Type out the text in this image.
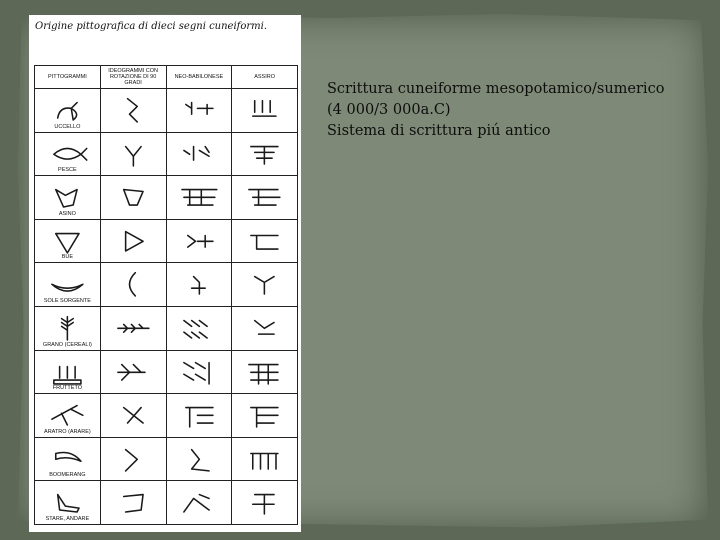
Origine pittografica di dieci segni cuneiformi.
PITTOGRAMMI	IDEOGRAMMI CON ROTAZIONE DI 90 GRADI	NEO-BABILONESE	ASSIRO

UCCELLO

PESCE

ASINO

BUE

SOLE SORGENTE

GRANO (CEREALI)

FRUTTETO

ARATRO (ARARE)

BOOMERANG

STARE, ANDARE

Scrittura cuneiforme mesopotamico/sumerico
(4 000/3 000a.C)
Sistema di scrittura piú antico
